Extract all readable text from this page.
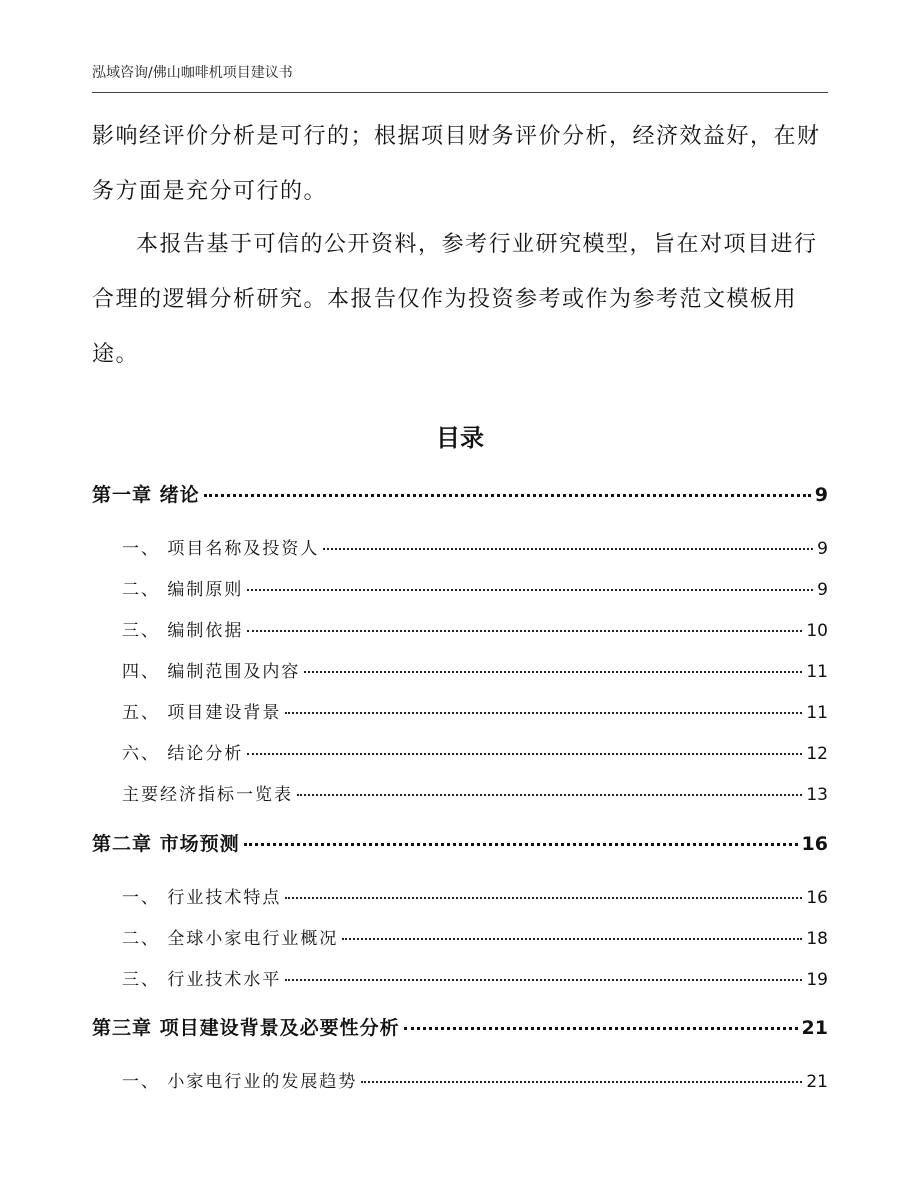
泓域咨询/佛山咖啡机项目建议书

影响经评价分析是可行的；根据项目财务评价分析，经济效益好，在财务方面是充分可行的。

本报告基于可信的公开资料，参考行业研究模型，旨在对项目进行合理的逻辑分析研究。本报告仅作为投资参考或作为参考范文模板用途。

目录
第一章 绪论	9
一、 项目名称及投资人	9
二、 编制原则	9
三、 编制依据	10
四、 编制范围及内容	11
五、 项目建设背景	11
六、 结论分析	12
主要经济指标一览表	13
第二章 市场预测	16
一、 行业技术特点	16
二、 全球小家电行业概况	18
三、 行业技术水平	19
第三章 项目建设背景及必要性分析	21
一、 小家电行业的发展趋势	21
